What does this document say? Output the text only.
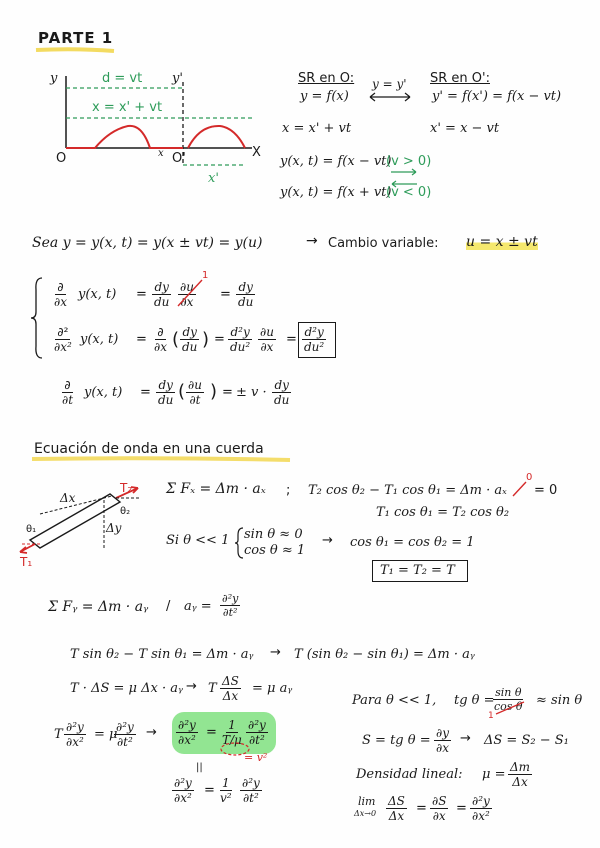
PARTE 1
y	y'
d = vt
x = x' + vt
O	x O'	X
x'
SR en O:
y = f(x)
y = y' SR en O':
y' = f(x') = f(x − vt)
x = x' + vt	x' = x − vt
y(x, t) = f(x − vt)
(v > 0)
y(x, t) = f(x + vt)
(v < 0)
Sea y = y(x, t) = y(x ± vt) = y(u)	→ Cambio variable: u = x ± vt
∂
∂x y(x, $t) = \frac{dy}{du} \frac{\partial u}{\partial x}$
1
= $\frac{dy}{du}$
∂²
∂x² y(x, t) = ∂
∂x ( $\frac{dy}{du}$ ) = $\frac{\text{d²y}}{\text{du²}} \frac{\partial u}{\partial x} = \frac{\text{d²y}}{\text{du²}}$
∂
∂t y(x, $t) = \frac{dy}{du}$ ( $\frac{\partial u}{\partial t}$ ) = ± $v \cdot \frac{dy}{du}$
Ecuación de onda en una cuerda
Δx
Δy
T₂
T₁
θ₁
θ₂
Σ Fₓ = Δm · aₓ ; T₂ cos θ₂ − T₁ cos θ₁ = Δm · aₓ
0
= 0
T₁ cos θ₁ = T₂ cos θ₂
Si θ << 1 sin θ ≈ 0
cos θ ≈ 1
→ cos θ₁ = cos θ₂ = 1
T₁ = T₂ = T
Σ Fᵧ = Δm · aᵧ / aᵧ = $\frac{\text{∂²y}}{\text{∂t²}}$
T sin θ₂ − T sin θ₁ = Δm · aᵧ → T (sin θ₂ − sin θ₁) = Δm · aᵧ
T · ΔS = μ Δx · aᵧ → T $\frac{\Delta S}{\Delta x} = \mu$ aᵧ
T $\frac{\text{∂²y}}{\text{∂x²}} = \mu$
$\frac{\text{∂²y}}{\text{∂t²}} \to \frac{\text{∂²y}}{\text{∂x²}} = \frac{1}{T/\mu} \frac{\text{∂²y}}{\text{∂t²}}$
= v²
||
$\frac{\text{∂²y}}{\text{∂x²}} = \frac{1}{\text{v²}} \frac{\text{∂²y}}{\text{∂t²}}$
Para θ << 1, tg θ =
$\frac{\text{sin θ}}{\text{cos θ}}$
1
≈ sin θ
S = tg $\theta = \frac{\partial y}{\partial x} \to \Delta S = S_2 - S_1$
Densidad lineal: $\mu = \frac{\Delta m}{\Delta x}$
lim
$\Delta x\to 0 \frac{\Delta S}{\Delta x} = \frac{\partial S}{\partial x} = \frac{\text{∂²y}}{\text{∂x²}}$
